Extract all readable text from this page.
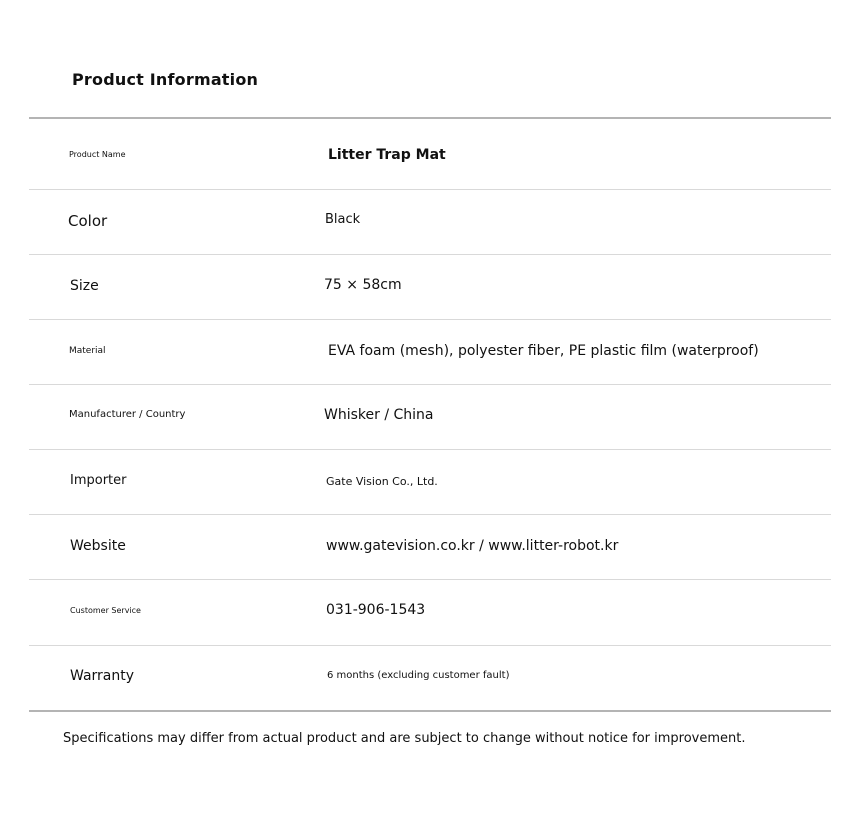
Product Information
Product Name	Litter Trap Mat
Color	Black
Size	75 × 58cm
Material	EVA foam (mesh), polyester fiber, PE plastic film (waterproof)
Manufacturer / Country	Whisker / China
Importer	Gate Vision Co., Ltd.
Website	www.gatevision.co.kr / www.litter-robot.kr
Customer Service	031-906-1543
Warranty	6 months (excluding customer fault)
Specifications may differ from actual product and are subject to change without notice for improvement.
